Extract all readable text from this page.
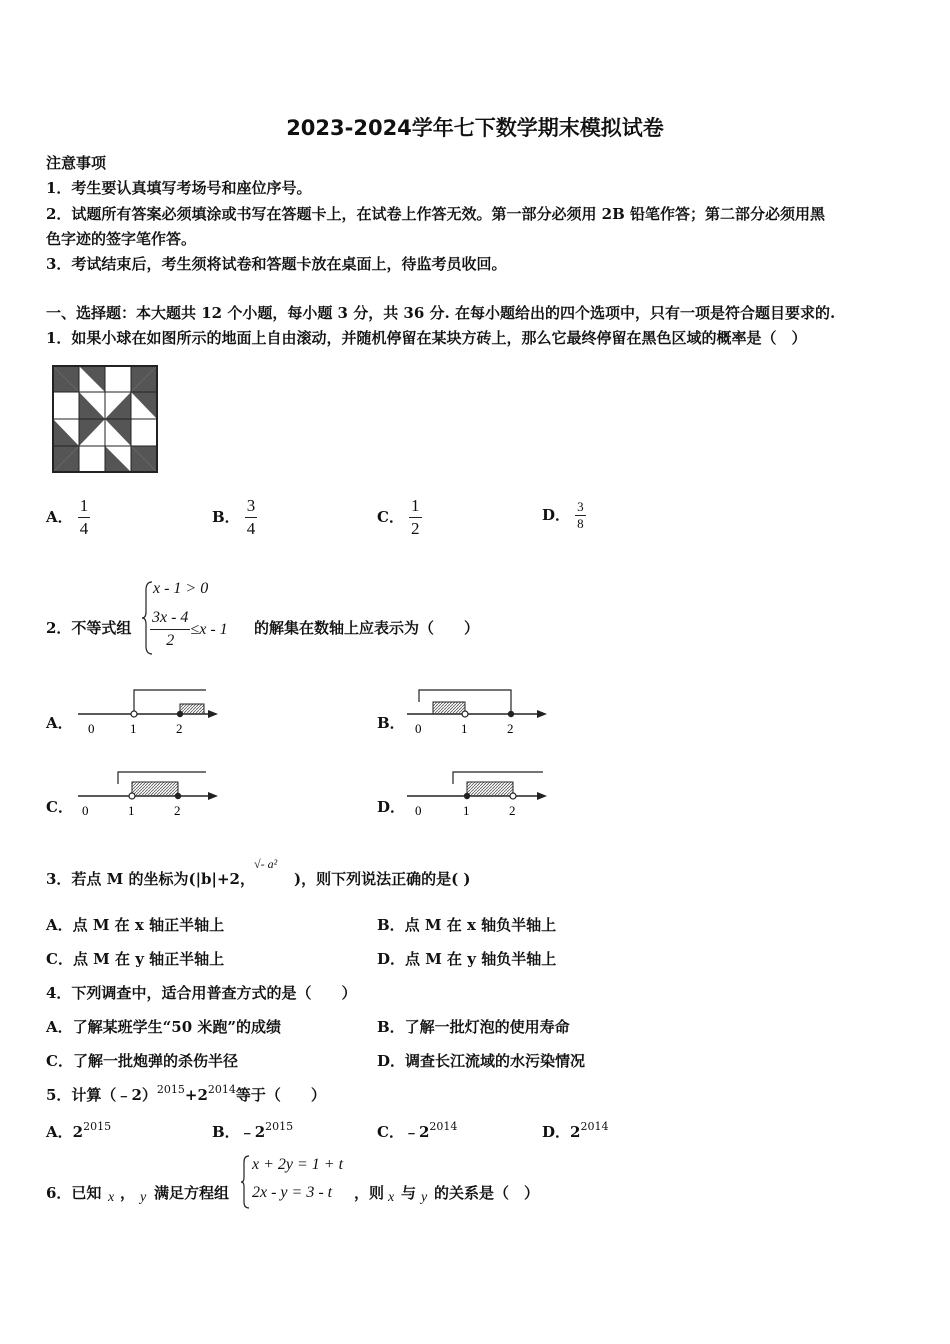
2023-2024学年七下数学期末模拟试卷
注意事项
1．考生要认真填写考场号和座位序号。
2．试题所有答案必须填涂或书写在答题卡上，在试卷上作答无效。第一部分必须用 2B 铅笔作答；第二部分必须用黑
色字迹的签字笔作答。
3．考试结束后，考生须将试卷和答题卡放在桌面上，待监考员收回。
一、选择题：本大题共 12 个小题，每小题 3 分，共 36 分. 在每小题给出的四个选项中，只有一项是符合题目要求的.
1．如果小球在如图所示的地面上自由滚动，并随机停留在某块方砖上，那么它最终停留在黑色区域的概率是（　）
A． $\frac{1}{4}$	B． $\frac{3}{4}$	C． $\frac{1}{2}$	D． $\frac{3}{8}$
2．不等式组
x - 1 > 0
$\frac{3x - 4}{2} \le x - 1$ 的解集在数轴上应表示为（　　）
A． 0	1	2	B． 0	1	2
C． 0	1	2	D． 0	1	2
3．若点 M 的坐标为(|b|+2，
√- a²
)，则下列说法正确的是( )
A．点 M 在 x 轴正半轴上	B．点 M 在 x 轴负半轴上
C．点 M 在 y 轴正半轴上	D．点 M 在 y 轴负半轴上
4．下列调查中，适合用普查方式的是（　　）
A．了解某班学生“50 米跑”的成绩	B．了解一批灯泡的使用寿命
C．了解一批炮弹的杀伤半径	D．调查长江流域的水污染情况
5．计算$(﹣2)^{2015}+2^{2014}$等于（　　）
A．$2^{2015}$	B．$﹣2^{2015}$	C．$﹣2^{2014}$	D．$2^{2014}$
6．已知 x ， y 满足方程组
x + 2y = 1 + t
2x - y = 3 - t ，则 x 与 y 的关系是（　）
